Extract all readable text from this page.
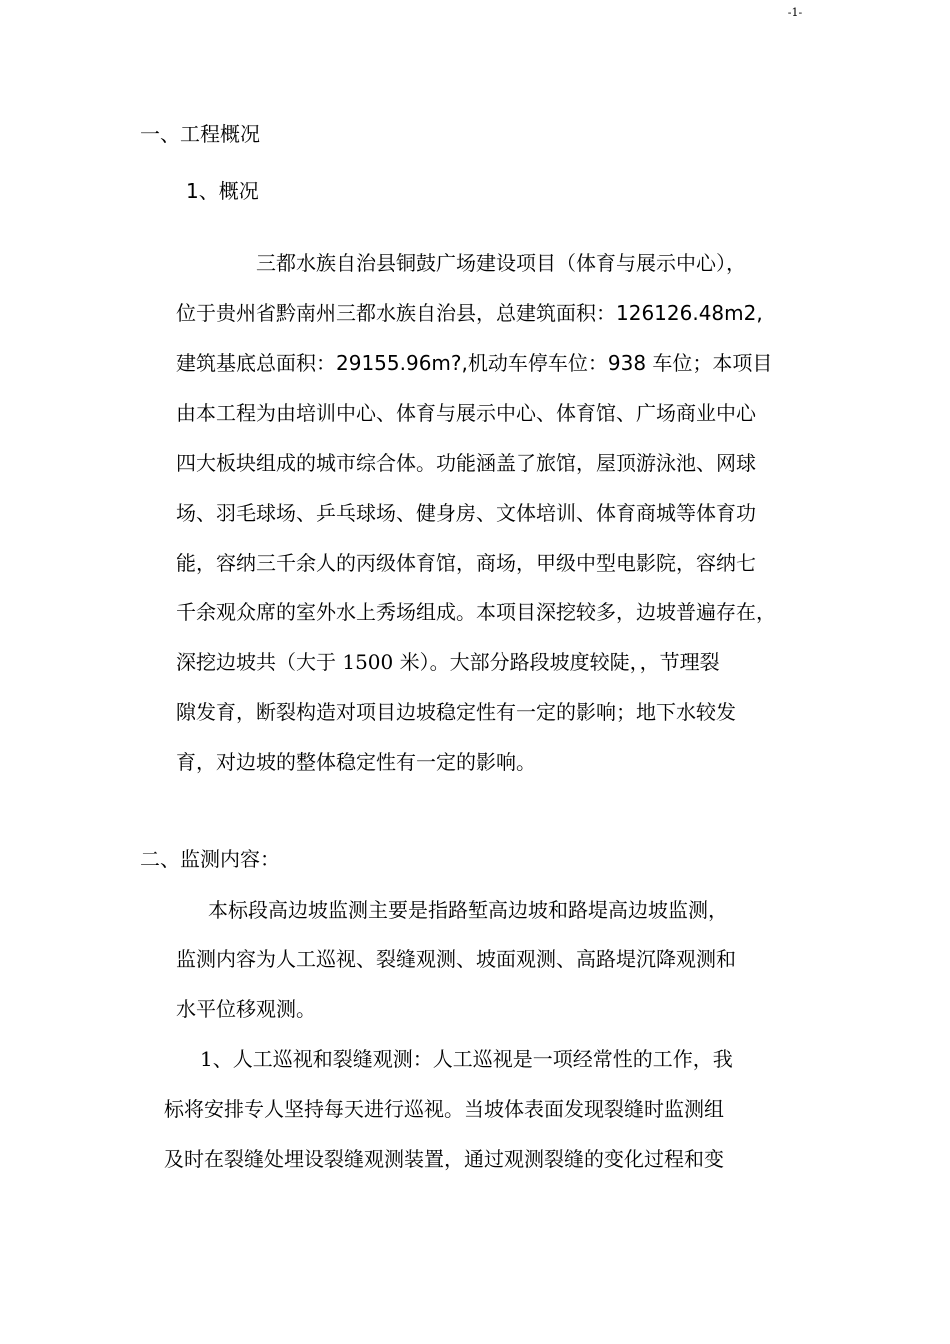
-1-
一、工程概况
1、概况
三都水族自治县铜鼓广场建设项目（体育与展示中心），
位于贵州省黔南州三都水族自治县，总建筑面积：126126.48m2,
建筑基底总面积：29155.96m?,机动车停车位：938 车位；本项目
由本工程为由培训中心、体育与展示中心、体育馆、广场商业中心
四大板块组成的城市综合体。功能涵盖了旅馆，屋顶游泳池、网球
场、羽毛球场、乒乓球场、健身房、文体培训、体育商城等体育功
能，容纳三千余人的丙级体育馆，商场，甲级中型电影院，容纳七
千余观众席的室外水上秀场组成。本项目深挖较多，边坡普遍存在，
深挖边坡共（大于 1500 米）。大部分路段坡度较陡，，节理裂
隙发育，断裂构造对项目边坡稳定性有一定的影响；地下水较发
育，对边坡的整体稳定性有一定的影响。
二、监测内容：
本标段高边坡监测主要是指路堑高边坡和路堤高边坡监测，
监测内容为人工巡视、裂缝观测、坡面观测、高路堤沉降观测和
水平位移观测。
1、人工巡视和裂缝观测：人工巡视是一项经常性的工作，我
标将安排专人坚持每天进行巡视。当坡体表面发现裂缝时监测组
及时在裂缝处埋设裂缝观测装置，通过观测裂缝的变化过程和变
